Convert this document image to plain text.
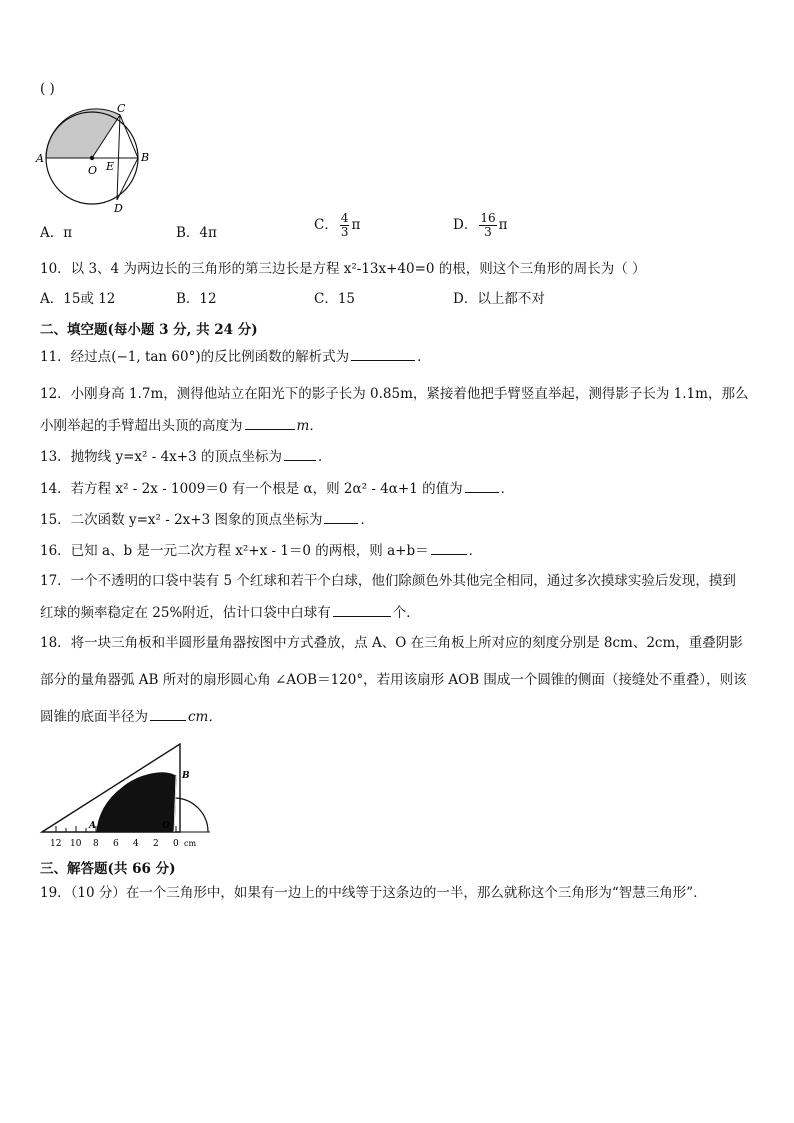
( )
A
O E
B
C
D
A．π	B．4π	C． $\frac{4}{3}$ π	D． $\frac{16}{3}$ π
10．以 3、4 为两边长的三角形的第三边长是方程 x²-13x+40=0 的根，则这个三角形的周长为（ ）
A．15或 12	B．12	C．15	D．以上都不对
二、填空题(每小题 3 分, 共 24 分)
11．经过点(−1, tan 60°)的反比例函数的解析式为	．
12．小刚身高 1.7m，测得他站立在阳光下的影子长为 0.85m，紧接着他把手臂竖直举起，测得影子长为 1.1m，那么
小刚举起的手臂超出头顶的高度为	m．
13．抛物线 y=x² - 4x+3 的顶点坐标为	．
14．若方程 x² - 2x - 1009＝0 有一个根是 α，则 2α² - 4α+1 的值为	．
15．二次函数 y=x² - 2x+3 图象的顶点坐标为	．
16．已知 a、b 是一元二次方程 x²+x - 1＝0 的两根，则 a+b＝	．
17．一个不透明的口袋中装有 5 个红球和若干个白球，他们除颜色外其他完全相同，通过多次摸球实验后发现，摸到
红球的频率稳定在 25%附近，估计口袋中白球有	个．
18．将一块三角板和半圆形量角器按图中方式叠放，点 A、O 在三角板上所对应的刻度分别是 8cm、2cm，重叠阴影
部分的量角器弧 AB 所对的扇形圆心角 ∠AOB＝120°，若用该扇形 AOB 围成一个圆锥的侧面（接缝处不重叠），则该
圆锥的底面半径为	cm．
12 10 8 6 4 2 0 cm
A	O
B
三、解答题(共 66 分)
19．（10 分）在一个三角形中，如果有一边上的中线等于这条边的一半，那么就称这个三角形为“智慧三角形”．
